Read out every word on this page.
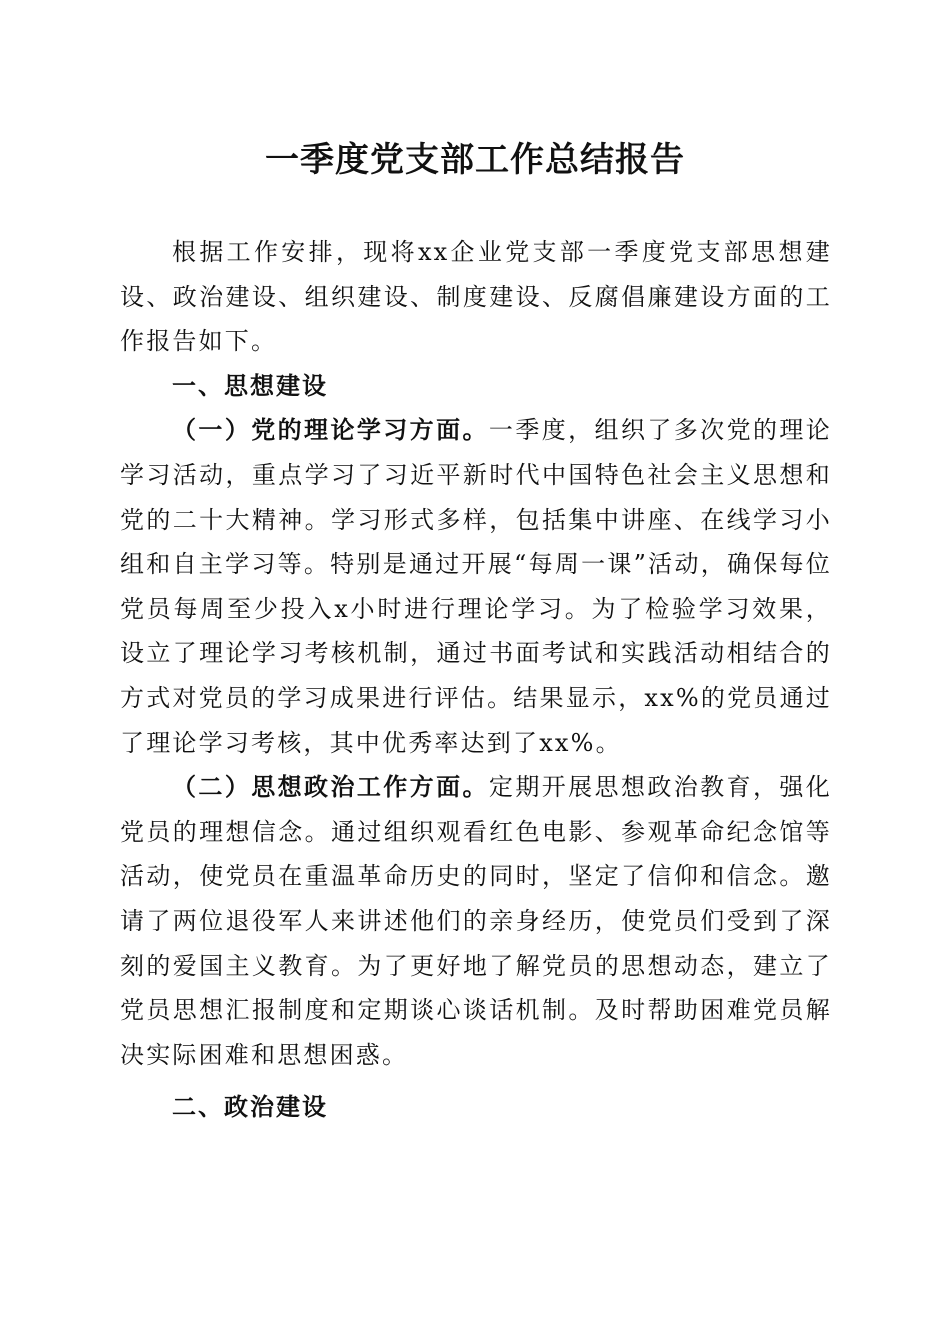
一季度党支部工作总结报告

根据工作安排，现将xx企业党支部一季度党支部思想建设、政治建设、组织建设、制度建设、反腐倡廉建设方面的工作报告如下。

一、思想建设

（一）党的理论学习方面。一季度，组织了多次党的理论学习活动，重点学习了习近平新时代中国特色社会主义思想和党的二十大精神。学习形式多样，包括集中讲座、在线学习小组和自主学习等。特别是通过开展“每周一课”活动，确保每位党员每周至少投入x小时进行理论学习。为了检验学习效果，设立了理论学习考核机制，通过书面考试和实践活动相结合的方式对党员的学习成果进行评估。结果显示，xx%的党员通过了理论学习考核，其中优秀率达到了xx%。

（二）思想政治工作方面。定期开展思想政治教育，强化党员的理想信念。通过组织观看红色电影、参观革命纪念馆等活动，使党员在重温革命历史的同时，坚定了信仰和信念。邀请了两位退役军人来讲述他们的亲身经历，使党员们受到了深刻的爱国主义教育。为了更好地了解党员的思想动态，建立了党员思想汇报制度和定期谈心谈话机制。及时帮助困难党员解决实际困难和思想困惑。

二、政治建设
